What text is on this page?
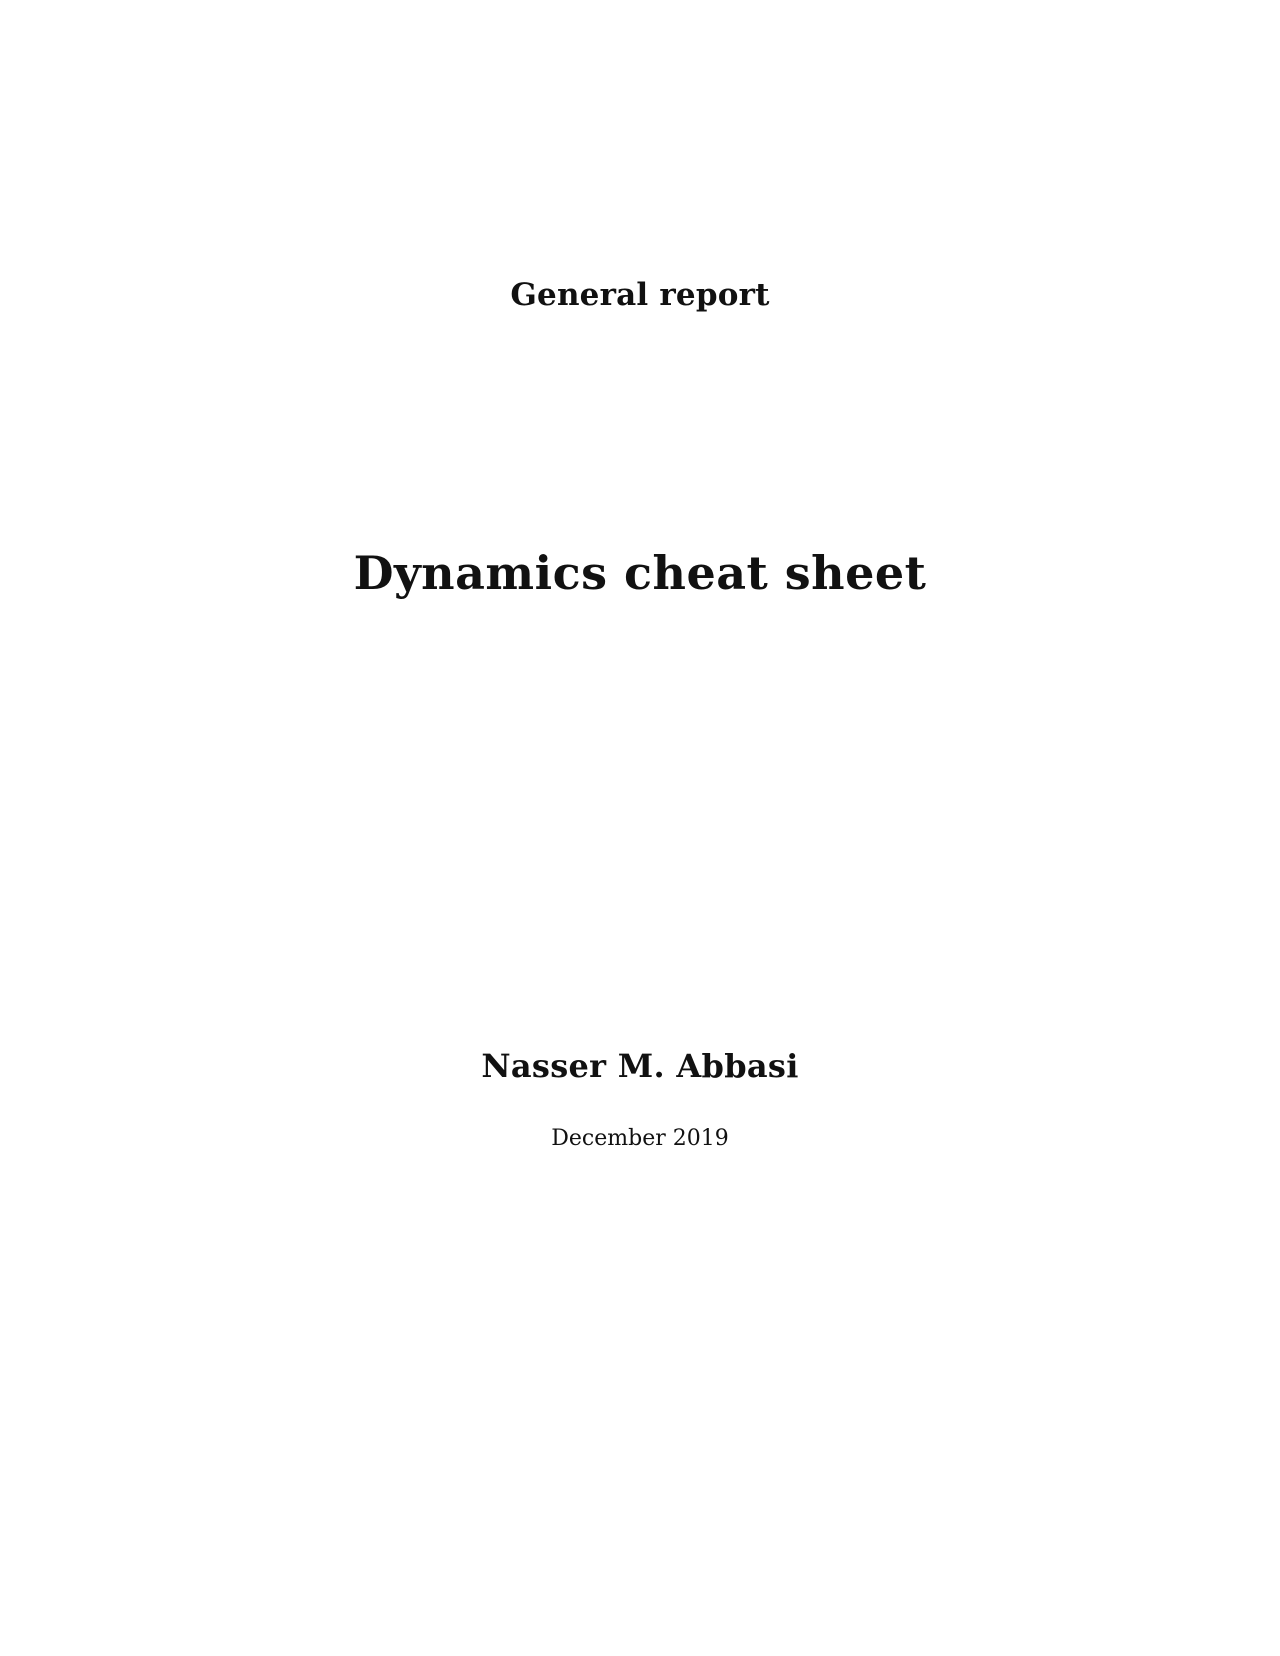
General report
Dynamics cheat sheet
Nasser M. Abbasi
December 2019
